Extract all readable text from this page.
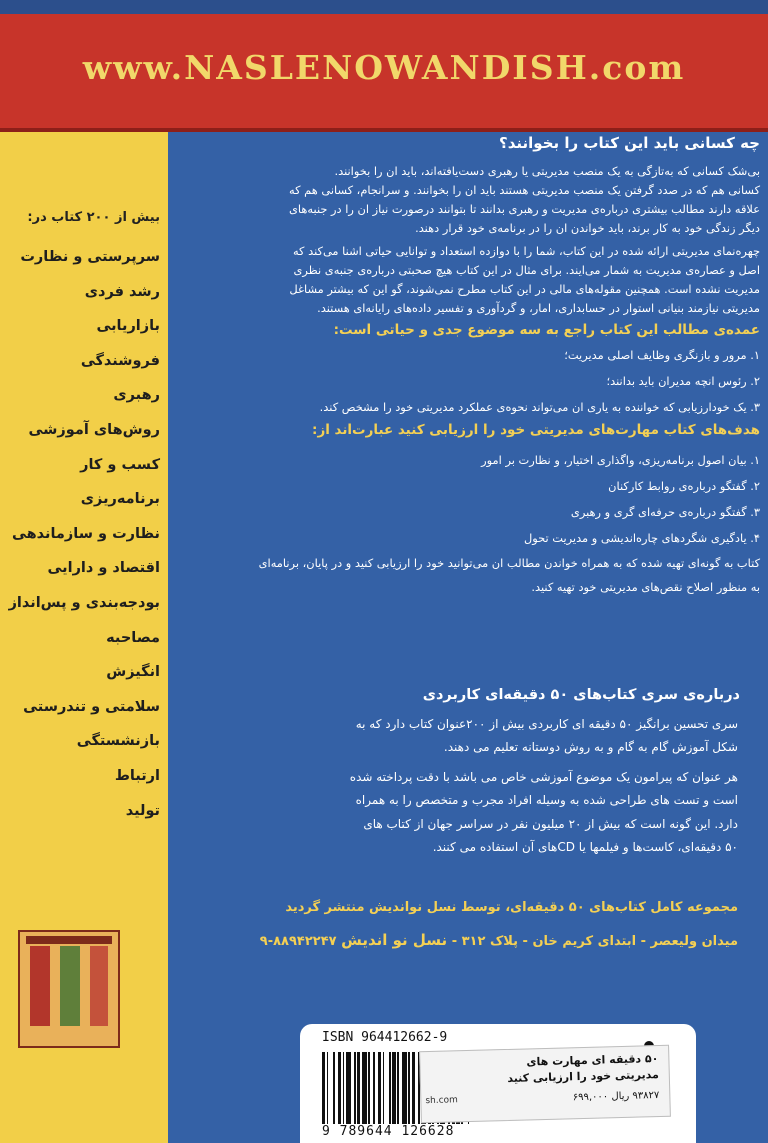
www.NASLENOWANDISH.com
بیش از ۲۰۰ کتاب در:
سرپرستی و نظارت
رشد فردی
بازاریابی
فروشندگی
رهبری
روش‌های آموزشی
کسب و کار
برنامه‌ریزی
نظارت و سازماندهی
اقتصاد و دارایی
بودجه‌بندی و پس‌انداز
مصاحبه
انگیزش
سلامتی و تندرستی
بازنشستگی
ارتباط
تولید
چه کسانی باید این کتاب را بخوانند؟
بی‌شک کسانی که به‌تازگی به یک منصب مدیریتی یا رهبری دست‌یافته‌اند، باید ان را بخوانند.
کسانی هم که در صدد گرفتن یک منصب مدیریتی هستند باید ان را بخوانند. و سرانجام، کسانی هم که
علاقه دارند مطالب بیشتری درباره‌ی مدیریت و رهبری بدانند تا بتوانند درصورت نیاز ان را در جنبه‌های
دیگر زندگی خود به کار برند، باید خواندن ان را در برنامه‌ی خود قرار دهند.
چهره‌نمای مدیریتی ارائه شده در این کتاب، شما را با دوازده استعداد و توانایی حیاتی اشنا می‌کند که
اصل و عصاره‌ی مدیریت به شمار می‌ایند. برای مثال در این کتاب هیچ صحبتی درباره‌ی جنبه‌ی نظری
مدیریت نشده است. همچنین مقوله‌های مالی در این کتاب مطرح نمی‌شوند، گو این که بیشتر مشاغل
مدیریتی نیازمند بنیانی استوار در حسابداری، امار، و گردآوری و تفسیر داده‌های رایانه‌ای هستند.
عمده‌ی مطالب این کتاب راجع به سه موضوع جدی و حیاتی است:
۱. مرور و بازنگری وظایف اصلی مدیریت؛
۲. رئوس انچه مدیران باید بدانند؛
۳. یک خودارزیابی که خواننده به یاری ان می‌تواند نحوه‌ی عملکرد مدیریتی خود را مشخص کند.
هدف‌های کتاب مهارت‌های مدیریتی خود را ارزیابی کنید عبارت‌اند از:
۱. بیان اصول برنامه‌ریزی، واگذاری اختیار، و نظارت بر امور
۲. گفتگو درباره‌ی روابط کارکنان
۳. گفتگو درباره‌ی حرفه‌ای گری و رهبری
۴. یادگیری شگردهای چاره‌اندیشی و مدیریت تحول
کتاب به گونه‌ای تهیه شده که به همراه خواندن مطالب ان می‌توانید خود را ارزیابی کنید و در پایان، برنامه‌ای
به منظور اصلاح نقص‌های مدیریتی خود تهیه کنید.
درباره‌ی سری کتاب‌های ۵۰ دقیقه‌ای کاربردی
سری تحسین برانگیز ۵۰ دقیقه ای کاربردی بیش از ۲۰۰عنوان کتاب دارد که به
شکل آموزش گام به گام و به روش دوستانه تعلیم می دهند.
هر عنوان که پیرامون یک موضوع آموزشی خاص می باشد با دقت پرداخته شده
است و تست های طراحی شده به وسیله افراد مجرب و متخصص را به همراه
دارد. این گونه است که بیش از ۲۰ میلیون نفر در سراسر جهان از کتاب های
۵۰ دقیقه‌ای، کاست‌ها و فیلمها یا CDهای آن استفاده می کنند.
مجموعه کامل کتاب‌های ۵۰ دقیقه‌ای، توسط نسل نواندیش منتشر گردید
میدان ولیعصر - ابتدای کریم خان - پلاک ۳۱۲ - نسل نو اندیش ۸۸۹۴۲۲۴۷-۹
ISBN 964412662-9
9 789644 126628
۵۰ دقیقه ای مهارت های
مدیریتی خود را ارزیابی کنید
۹۳۸۲۷ ریال ۶۹۹,۰۰۰
sh.com
